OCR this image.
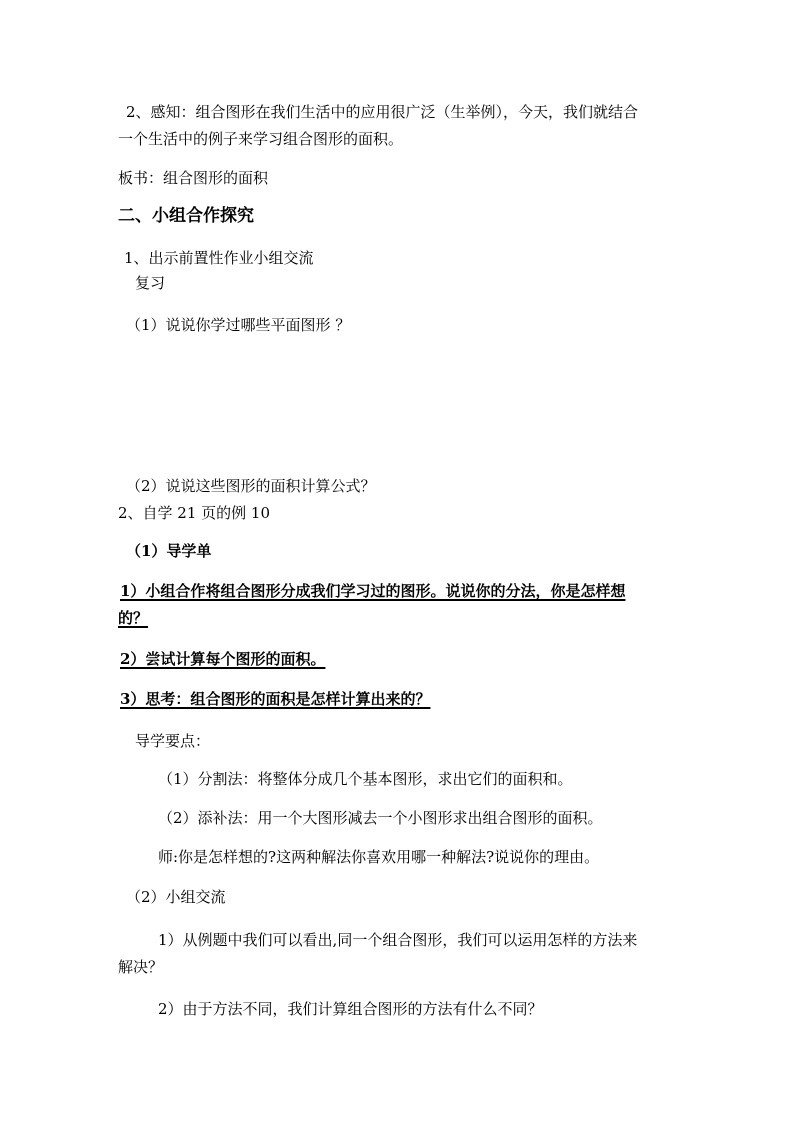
2、感知：组合图形在我们生活中的应用很广泛（生举例），今天，我们就结合
一个生活中的例子来学习组合图形的面积。
板书：组合图形的面积
二、小组合作探究
1、出示前置性作业小组交流
复习
（1）说说你学过哪些平面图形 ？
（2）说说这些图形的面积计算公式？
2、自学 21 页的例 10
（1）导学单
1）小组合作将组合图形分成我们学习过的图形。说说你的分法，你是怎样想
的？
2）尝试计算每个图形的面积。
3）思考：组合图形的面积是怎样计算出来的？
导学要点：
（1）分割法：将整体分成几个基本图形，求出它们的面积和。
（2）添补法：用一个大图形减去一个小图形求出组合图形的面积。
师:你是怎样想的?这两种解法你喜欢用哪一种解法?说说你的理由。
（2）小组交流
1）从例题中我们可以看出,同一个组合图形，我们可以运用怎样的方法来
解决？
2）由于方法不同，我们计算组合图形的方法有什么不同？
